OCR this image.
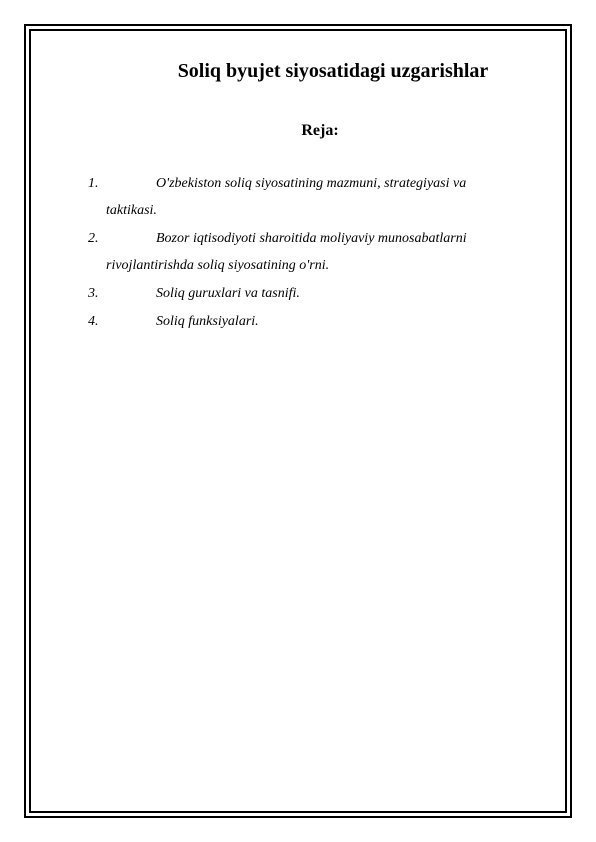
Soliq byujet siyosatidagi uzgarishlar
Reja:
1.	O'zbekiston soliq siyosatining mazmuni, strategiyasi va
taktikasi.
2.	Bozor iqtisodiyoti sharoitida moliyaviy munosabatlarni
rivojlantirishda soliq siyosatining o'rni.
3.	Soliq guruxlari va tasnifi.
4.	Soliq funksiyalari.
